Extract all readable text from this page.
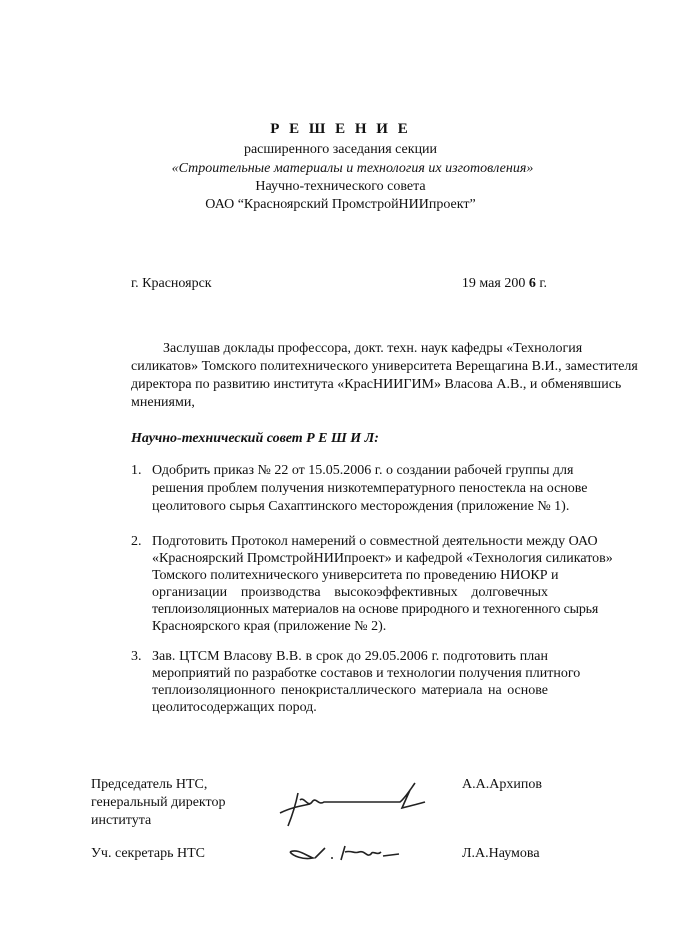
Р Е Ш Е Н И Е
расширенного заседания секции
«Строительные материалы и технология их изготовления»
Научно-технического совета
ОАО “Красноярский ПромстройНИИпроект”
г. Красноярск	19 мая 200 6 г.
Заслушав доклады профессора, докт. техн. наук кафедры «Технология
силикатов» Томского политехнического университета Верещагина В.И., заместителя
директора по развитию института «КрасНИИГИМ» Власова А.В., и обменявшись
мнениями,
Научно-технический совет Р Е Ш И Л:
1. Одобрить приказ № 22 от 15.05.2006 г. о создании рабочей группы для
решения проблем получения низкотемпературного пеностекла на основе
цеолитового сырья Сахаптинского месторождения (приложение № 1).
2. Подготовить Протокол намерений о совместной деятельности между ОАО
«Красноярский ПромстройНИИпроект» и кафедрой «Технология силикатов»
Томского политехнического университета по проведению НИОКР и
организации производства высокоэффективных долговечных
теплоизоляционных материалов на основе природного и техногенного сырья
Красноярского края (приложение № 2).
3. Зав. ЦТСМ Власову В.В. в срок до 29.05.2006 г. подготовить план
мероприятий по разработке составов и технологии получения плитного
теплоизоляционного пенокристаллического материала на основе
цеолитосодержащих пород.
Председатель НТС,
генеральный директор
института
А.А.Архипов
Уч. секретарь НТС	Л.А.Наумова
